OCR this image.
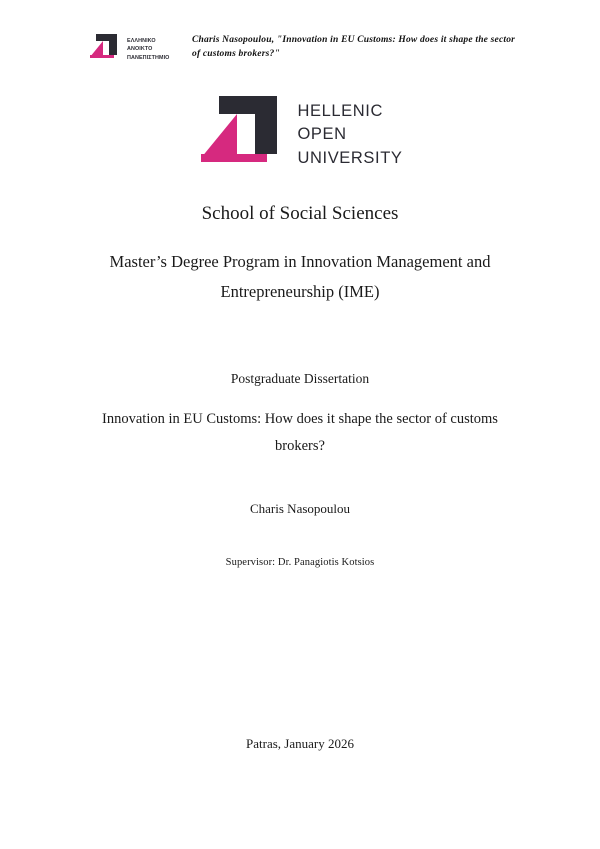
ΕΛΛΗΝΙΚΟ
ΑΝΟΙΚΤΟ
ΠΑΝΕΠΙΣΤΗΜΙΟ
Charis Nasopoulou, "Innovation in EU Customs: How does it shape the sector of customs brokers?"
HELLENIC
OPEN
UNIVERSITY
School of Social Sciences
Master’s Degree Program in Innovation Management and Entrepreneurship (IME)
Postgraduate Dissertation
Innovation in EU Customs: How does it shape the sector of customs brokers?
Charis Nasopoulou
Supervisor: Dr. Panagiotis Kotsios
Patras, January 2026
